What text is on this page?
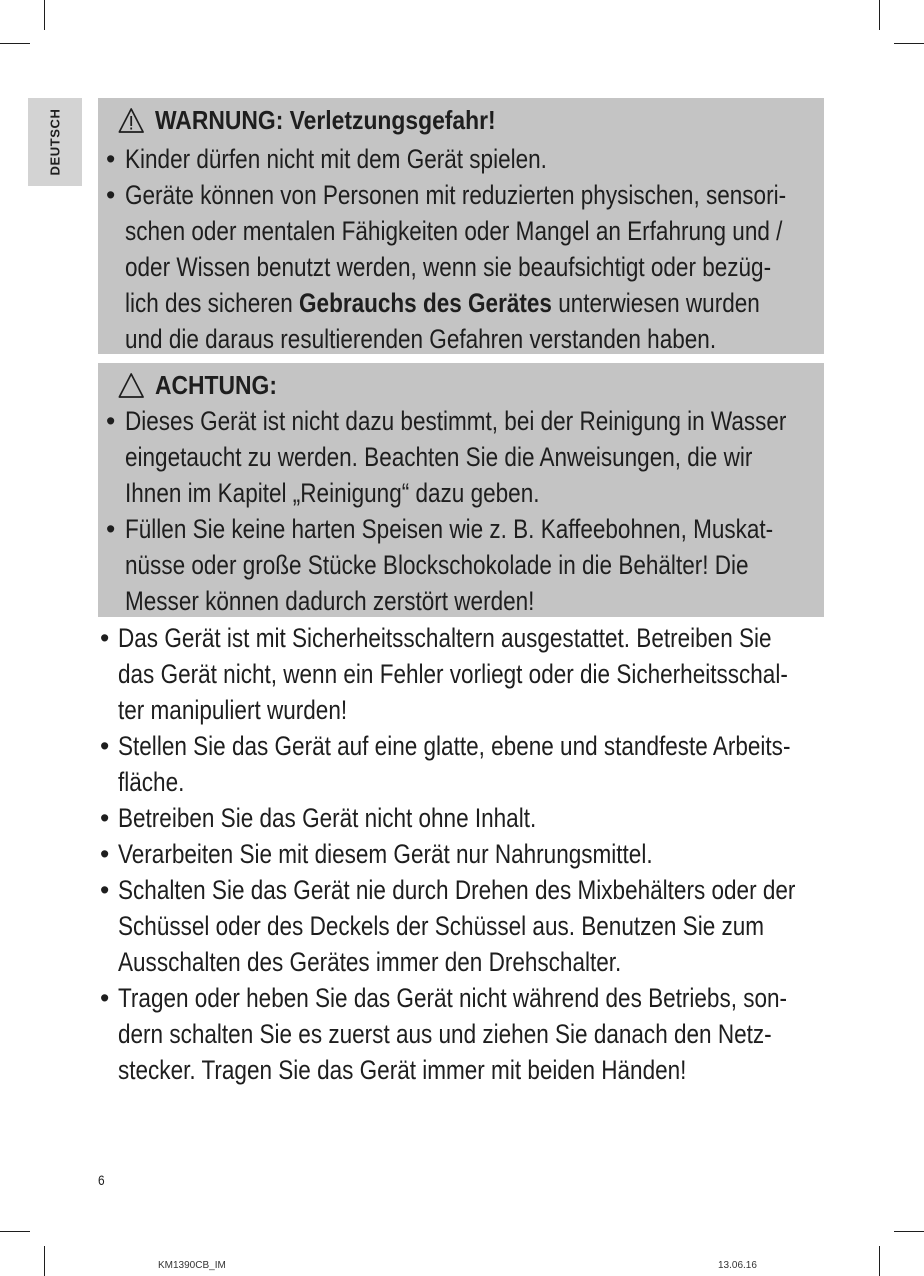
DEUTSCH	WARNUNG: Verletzungsgefahr!
• Kinder dürfen nicht mit dem Gerät spielen.
• Geräte können von Personen mit reduzierten physischen, sensori-
schen oder mentalen Fähigkeiten oder Mangel an Erfahrung und /
oder Wissen benutzt werden, wenn sie beaufsichtigt oder bezüg-
lich des sicheren Gebrauchs des Gerätes unterwiesen wurden
und die daraus resultierenden Gefahren verstanden haben.
ACHTUNG:
• Dieses Gerät ist nicht dazu bestimmt, bei der Reinigung in Wasser
eingetaucht zu werden. Beachten Sie die Anweisungen, die wir
Ihnen im Kapitel „Reinigung“ dazu geben.
• Füllen Sie keine harten Speisen wie z. B. Kaffeebohnen, Muskat-
nüsse oder große Stücke Blockschokolade in die Behälter! Die
Messer können dadurch zerstört werden!
• Das Gerät ist mit Sicherheitsschaltern ausgestattet. Betreiben Sie
das Gerät nicht, wenn ein Fehler vorliegt oder die Sicherheitsschal-
ter manipuliert wurden!
• Stellen Sie das Gerät auf eine glatte, ebene und standfeste Arbeits-
fläche.
• Betreiben Sie das Gerät nicht ohne Inhalt.
• Verarbeiten Sie mit diesem Gerät nur Nahrungsmittel.
• Schalten Sie das Gerät nie durch Drehen des Mixbehälters oder der
Schüssel oder des Deckels der Schüssel aus. Benutzen Sie zum
Ausschalten des Gerätes immer den Drehschalter.
• Tragen oder heben Sie das Gerät nicht während des Betriebs, son-
dern schalten Sie es zuerst aus und ziehen Sie danach den Netz-
stecker. Tragen Sie das Gerät immer mit beiden Händen!
6
KM1390CB_IM	13.06.16
